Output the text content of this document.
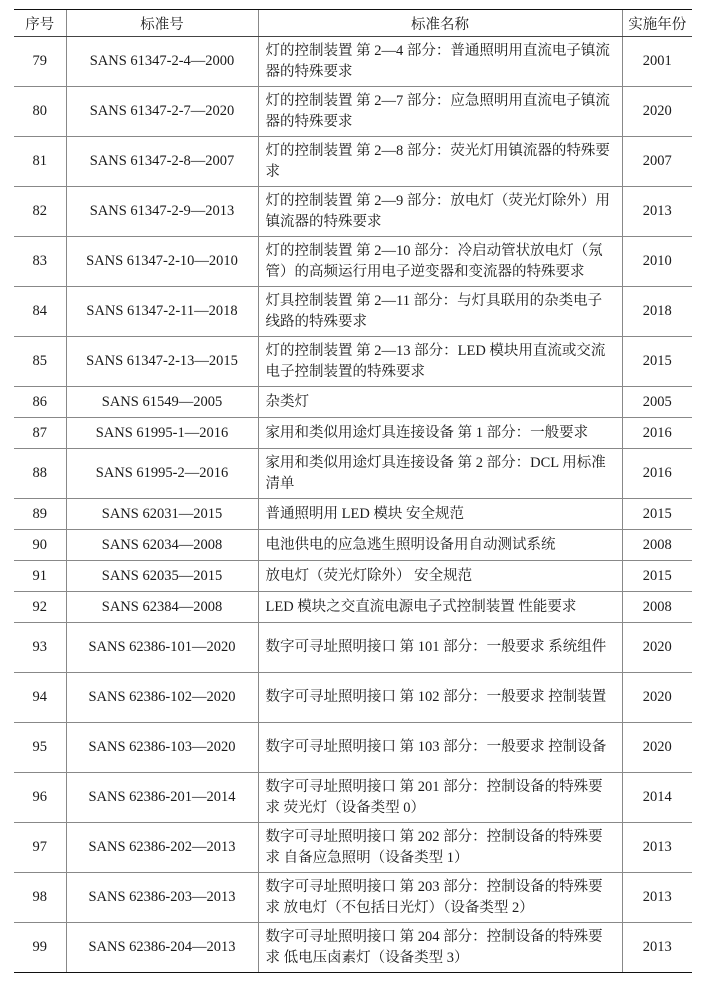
序号	标准号	标准名称	实施年份
79	SANS 61347-2-4—2000	灯的控制装置 第 2—4 部分：普通照明用直流电子镇流器的特殊要求	2001
80	SANS 61347-2-7—2020	灯的控制装置 第 2—7 部分：应急照明用直流电子镇流器的特殊要求	2020
81	SANS 61347-2-8—2007	灯的控制装置 第 2—8 部分：荧光灯用镇流器的特殊要求	2007
82	SANS 61347-2-9—2013	灯的控制装置 第 2—9 部分：放电灯（荧光灯除外）用镇流器的特殊要求	2013
83	SANS 61347-2-10—2010	灯的控制装置 第 2—10 部分：冷启动管状放电灯（氖管）的高频运行用电子逆变器和变流器的特殊要求	2010
84	SANS 61347-2-11—2018	灯具控制装置 第 2—11 部分：与灯具联用的杂类电子线路的特殊要求	2018
85	SANS 61347-2-13—2015	灯的控制装置 第 2—13 部分：LED 模块用直流或交流电子控制装置的特殊要求	2015
86	SANS 61549—2005	杂类灯	2005
87	SANS 61995-1—2016	家用和类似用途灯具连接设备 第 1 部分：一般要求	2016
88	SANS 61995-2—2016	家用和类似用途灯具连接设备 第 2 部分：DCL 用标准清单	2016
89	SANS 62031—2015	普通照明用 LED 模块 安全规范	2015
90	SANS 62034—2008	电池供电的应急逃生照明设备用自动测试系统	2008
91	SANS 62035—2015	放电灯（荧光灯除外） 安全规范	2015
92	SANS 62384—2008	LED 模块之交直流电源电子式控制装置 性能要求	2008
93	SANS 62386-101—2020	数字可寻址照明接口 第 101 部分：一般要求 系统组件	2020
94	SANS 62386-102—2020	数字可寻址照明接口 第 102 部分：一般要求 控制装置	2020
95	SANS 62386-103—2020	数字可寻址照明接口 第 103 部分：一般要求 控制设备	2020
96	SANS 62386-201—2014	数字可寻址照明接口 第 201 部分：控制设备的特殊要求 荧光灯（设备类型 0）	2014
97	SANS 62386-202—2013	数字可寻址照明接口 第 202 部分：控制设备的特殊要求 自备应急照明（设备类型 1）	2013
98	SANS 62386-203—2013	数字可寻址照明接口 第 203 部分：控制设备的特殊要求 放电灯（不包括日光灯）（设备类型 2）	2013
99	SANS 62386-204—2013	数字可寻址照明接口 第 204 部分：控制设备的特殊要求 低电压卤素灯（设备类型 3）	2013
